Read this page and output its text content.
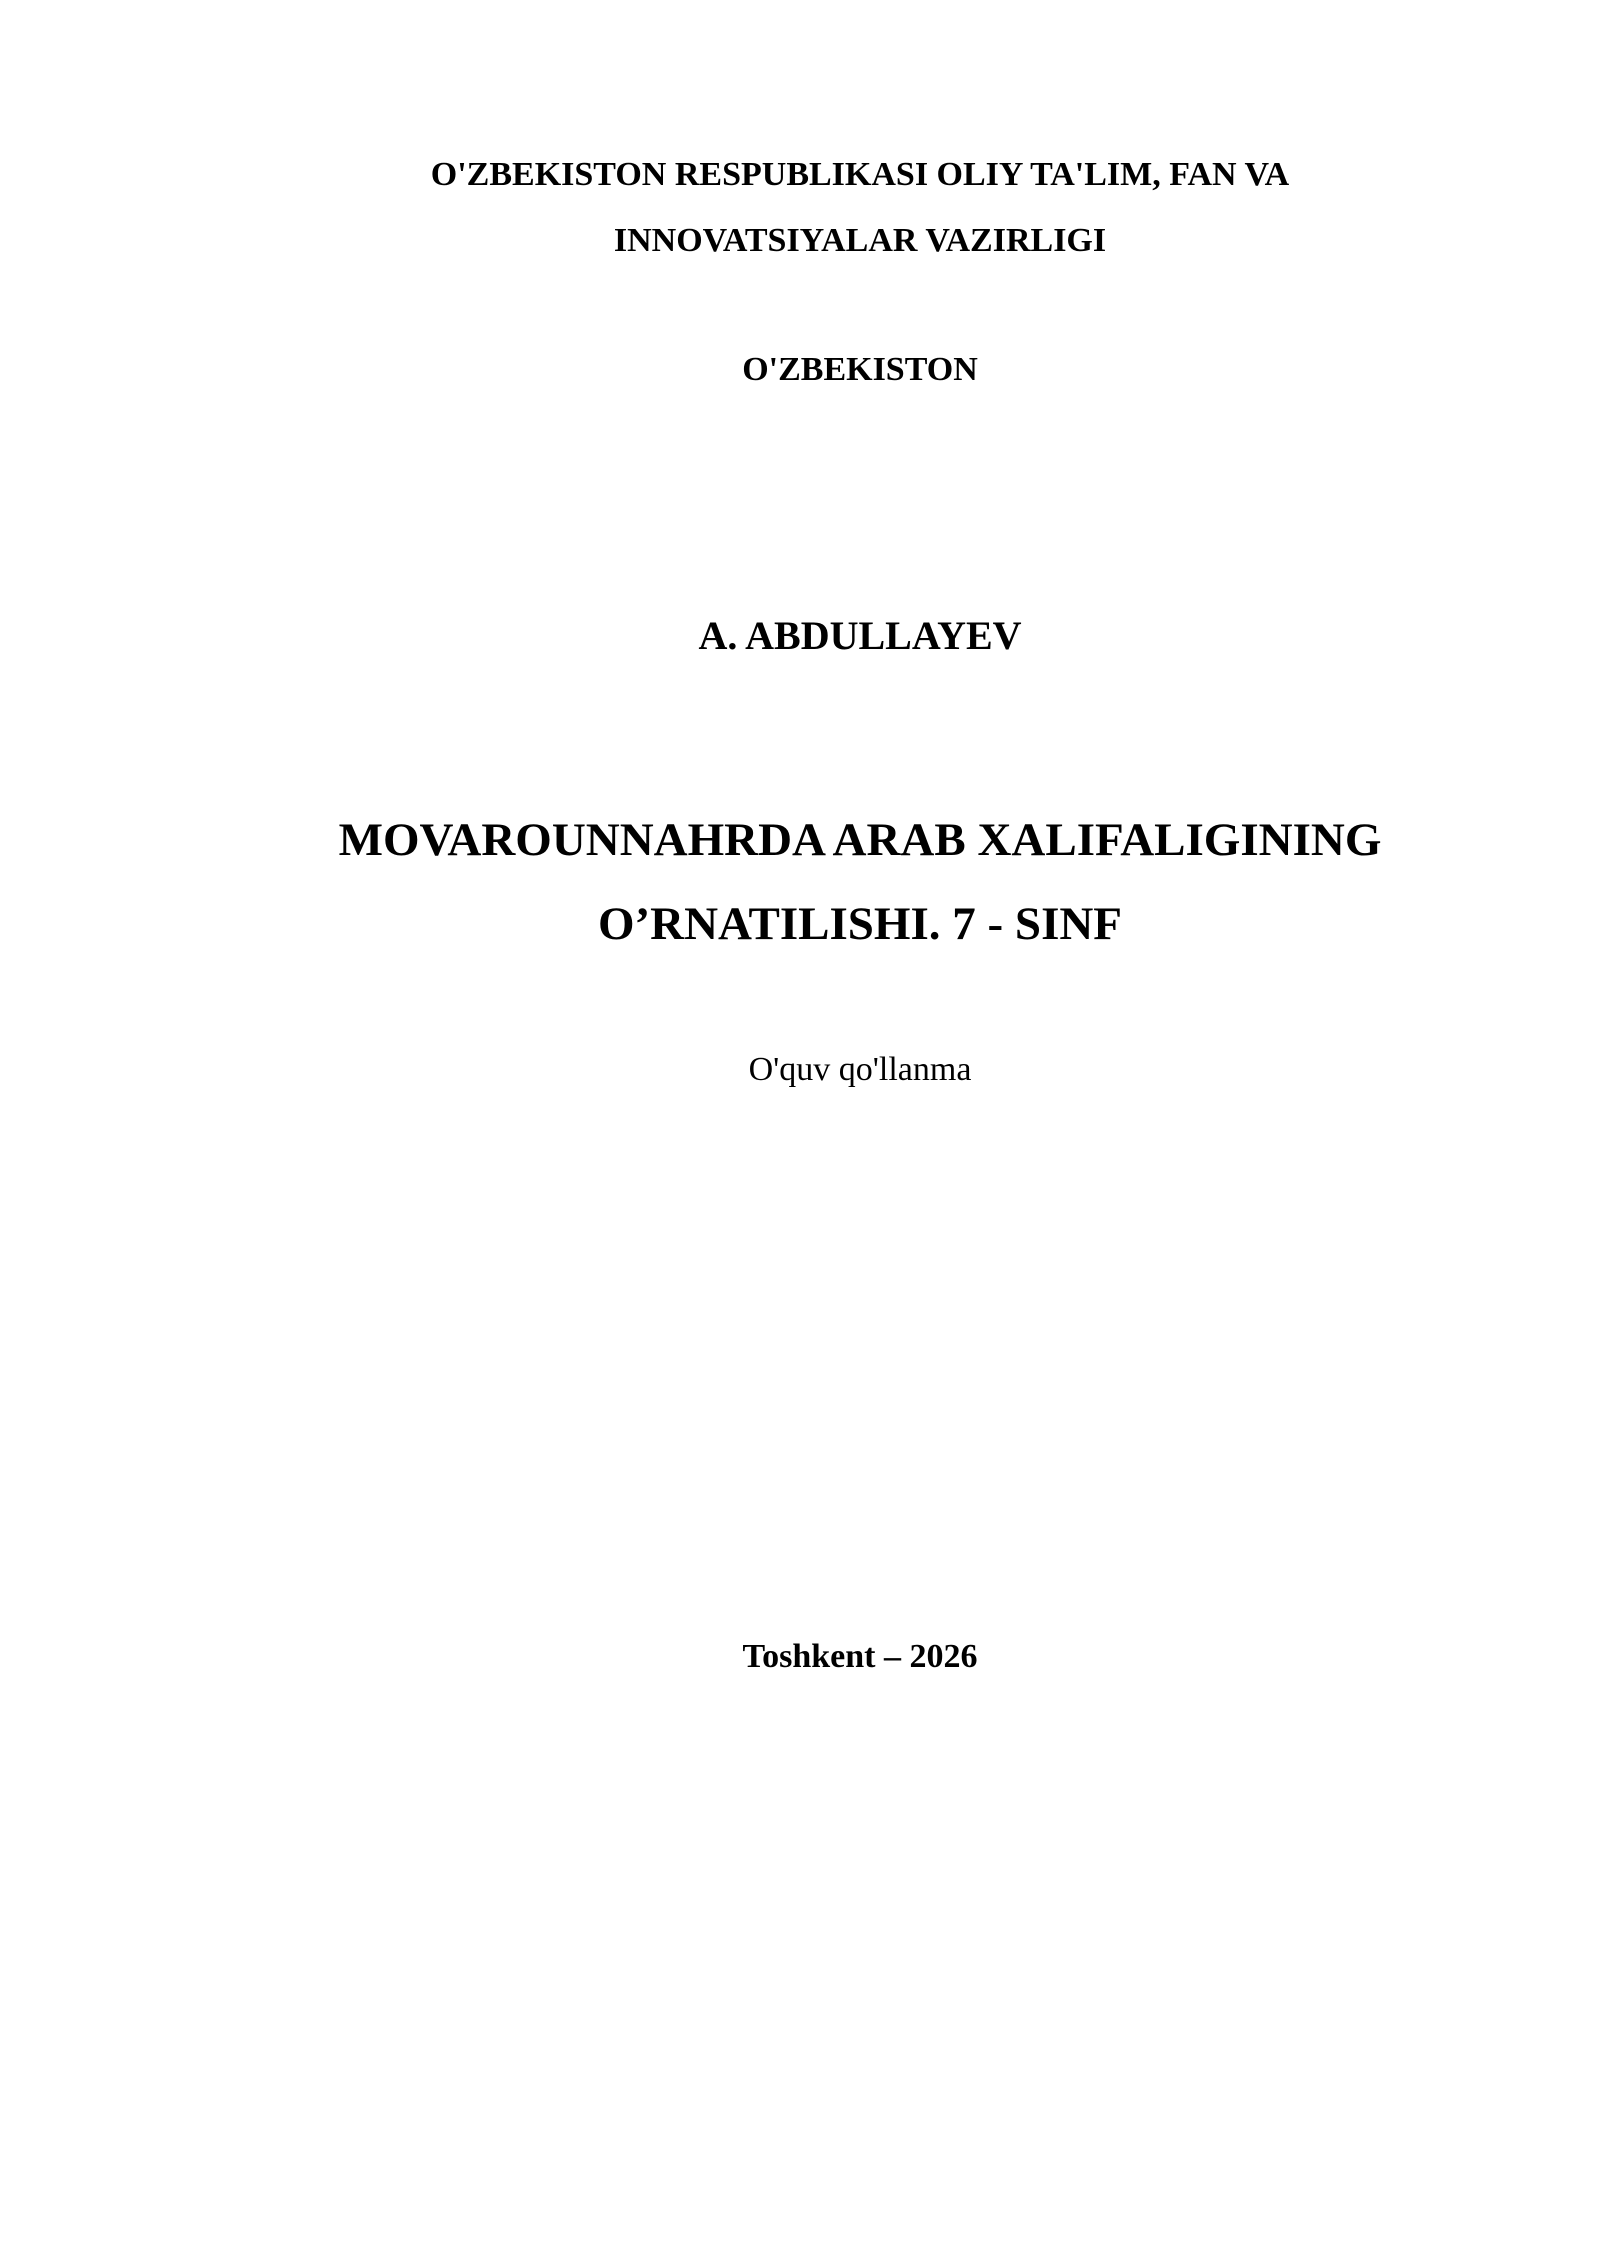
O'ZBEKISTON RESPUBLIKASI OLIY TA'LIM, FAN VA
INNOVATSIYALAR VAZIRLIGI
O'ZBEKISTON
A. ABDULLAYEV
MOVAROUNNAHRDA ARAB XALIFALIGINING
O’RNATILISHI. 7 - SINF
O'quv qo'llanma
Toshkent – 2026
